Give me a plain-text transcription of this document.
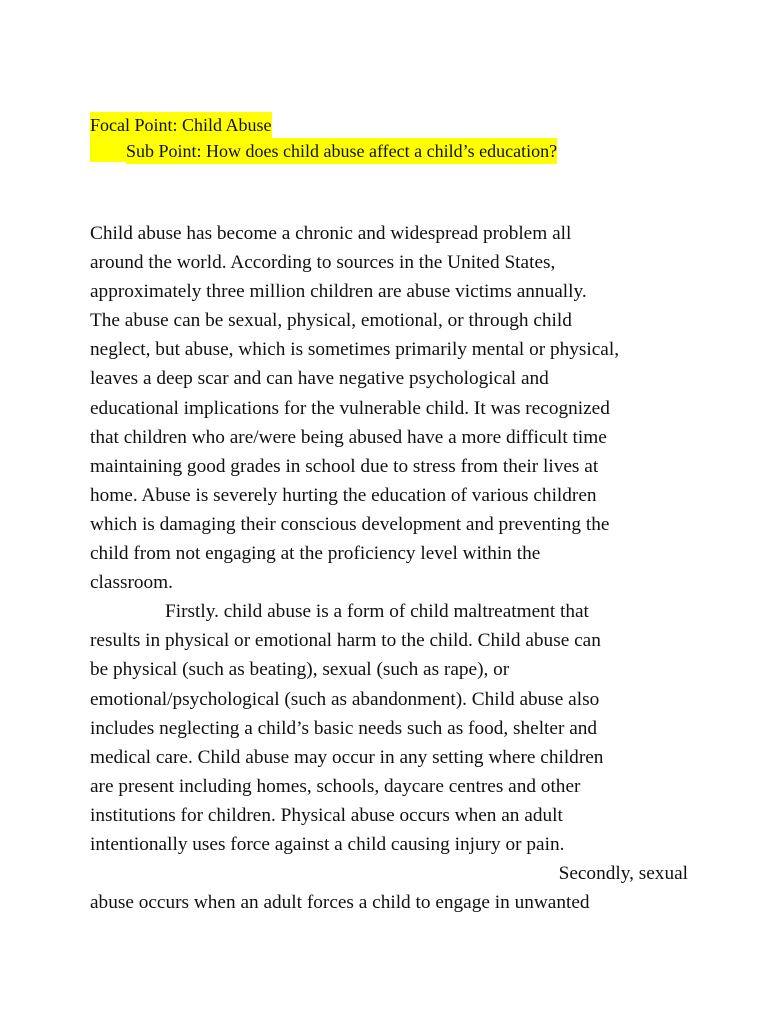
Focal Point: Child Abuse
Sub Point: How does child abuse affect a child’s education?

Child abuse has become a chronic and widespread problem all
around the world. According to sources in the United States,
approximately three million children are abuse victims annually.
The abuse can be sexual, physical, emotional, or through child
neglect, but abuse, which is sometimes primarily mental or physical,
leaves a deep scar and can have negative psychological and
educational implications for the vulnerable child. It was recognized
that children who are/were being abused have a more difficult time
maintaining good grades in school due to stress from their lives at
home. Abuse is severely hurting the education of various children
which is damaging their conscious development and preventing the
child from not engaging at the proficiency level within the
classroom.

Firstly. child abuse is a form of child maltreatment that
results in physical or emotional harm to the child. Child abuse can
be physical (such as beating), sexual (such as rape), or
emotional/psychological (such as abandonment). Child abuse also
includes neglecting a child’s basic needs such as food, shelter and
medical care. Child abuse may occur in any setting where children
are present including homes, schools, daycare centres and other
institutions for children. Physical abuse occurs when an adult
intentionally uses force against a child causing injury or pain.

Secondly, sexual
abuse occurs when an adult forces a child to engage in unwanted
